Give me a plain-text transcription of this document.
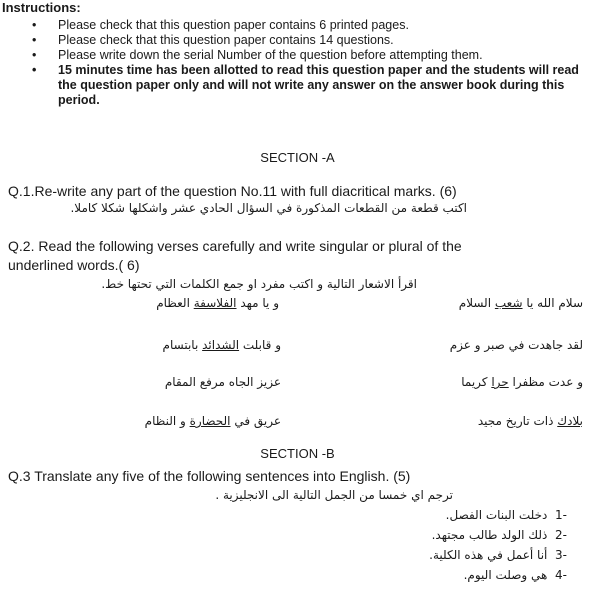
Instructions:
• Please check that this question paper contains 6 printed pages.
• Please check that this question paper contains 14 questions.
• Please write down the serial Number of the question before attempting them.
• 15 minutes time has been allotted to read this question paper and the students will read the question paper only and will not write any answer on the answer book during this period.
SECTION -A
Q.1.Re-write any part of the question No.11 with full diacritical marks. (6)
اكتب قطعة من القطعات المذكورة في السؤال الحادي عشر واشكلها شكلا كاملا.
Q.2. Read the following verses carefully and write singular or plural of the
underlined words.( 6)
اقرأ الاشعار التالية و اكتب مفرد او جمع الكلمات التي تحتها خط.
و يا مهد الفلاسفة العظام	سلام الله يا شعب السلام
و قابلت الشدائد بابتسام	لقد جاهدت في صبر و عزم
عزيز الجاه مرفع المقام	و عدت مظفرا حرا كريما
عريق في الحضارة و النظام	بلادك ذات تاريخ مجيد
SECTION -B
Q.3 Translate any five of the following sentences into English. (5)
ترجم اي خمسا من الجمل التالية الى الانجليزية .
-1  دخلت البنات الفصل.
-2  ذلك الولد طالب مجتهد.
-3  أنا أعمل في هذه الكلية.
-4  هي وصلت اليوم.
